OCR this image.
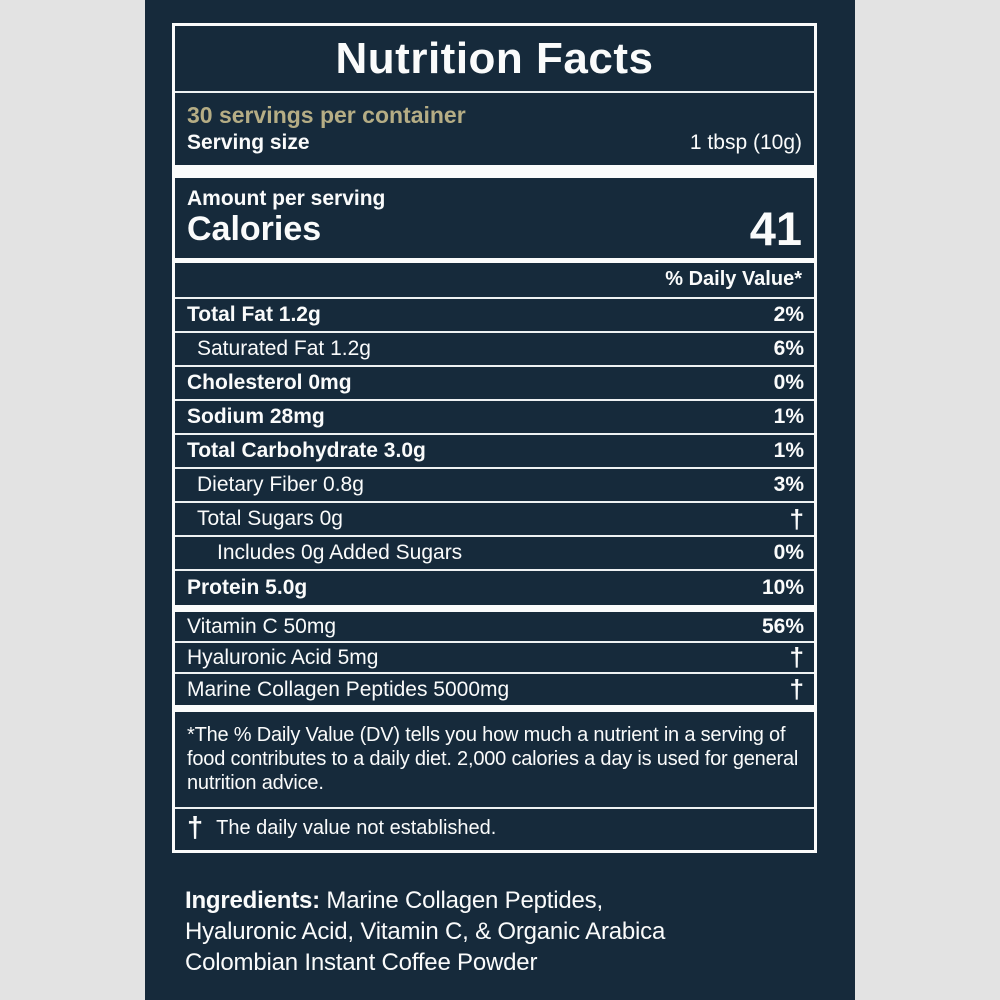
Nutrition Facts
30 servings per container
Serving size	1 tbsp (10g)
Amount per serving
Calories	41
% Daily Value*
Total Fat 1.2g	2%
Saturated Fat 1.2g	6%
Cholesterol 0mg	0%
Sodium 28mg	1%
Total Carbohydrate 3.0g	1%
Dietary Fiber 0.8g	3%
Total Sugars 0g	†
Includes 0g Added Sugars	0%
Protein 5.0g	10%
Vitamin C 50mg	56%
Hyaluronic Acid 5mg	†
Marine Collagen Peptides 5000mg	†
*The % Daily Value (DV) tells you how much a nutrient in a serving of food contributes to a daily diet. 2,000 calories a day is used for general nutrition advice.
† The daily value not established.
Ingredients: Marine Collagen Peptides,
Hyaluronic Acid, Vitamin C, & Organic Arabica
Colombian Instant Coffee Powder
